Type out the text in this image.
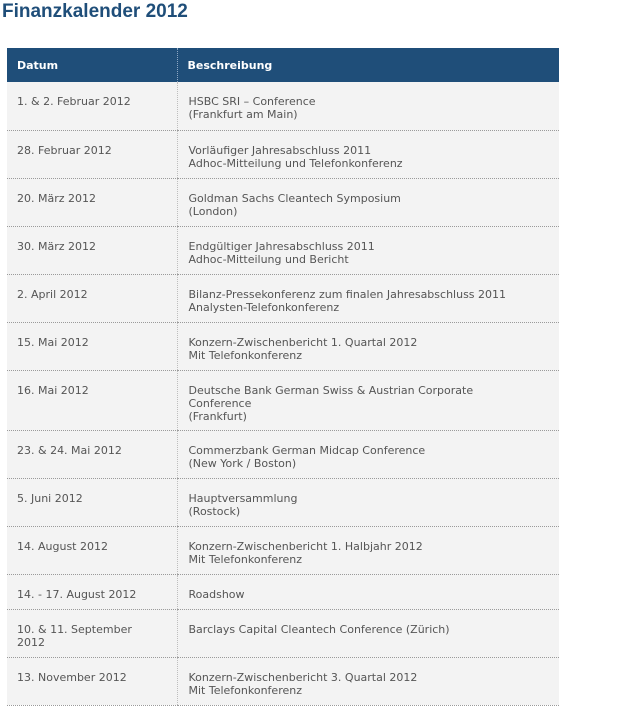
Finanzkalender 2012
Datum	Beschreibung

1. & 2. Februar 2012	HSBC SRI – Conference
(Frankfurt am Main)

28. Februar 2012	Vorläufiger Jahresabschluss 2011
Adhoc-Mitteilung und Telefonkonferenz

20. März 2012	Goldman Sachs Cleantech Symposium
(London)

30. März 2012	Endgültiger Jahresabschluss 2011
Adhoc-Mitteilung und Bericht

2. April 2012	Bilanz-Pressekonferenz zum finalen Jahresabschluss 2011
Analysten-Telefonkonferenz

15. Mai 2012	Konzern-Zwischenbericht 1. Quartal 2012
Mit Telefonkonferenz

16. Mai 2012	Deutsche Bank German Swiss & Austrian Corporate
Conference
(Frankfurt)

23. & 24. Mai 2012	Commerzbank German Midcap Conference
(New York / Boston)

5. Juni 2012	Hauptversammlung
(Rostock)

14. August 2012	Konzern-Zwischenbericht 1. Halbjahr 2012
Mit Telefonkonferenz

14. - 17. August 2012	Roadshow

10. & 11. September
2012	Barclays Capital Cleantech Conference (Zürich)

13. November 2012	Konzern-Zwischenbericht 3. Quartal 2012
Mit Telefonkonferenz
